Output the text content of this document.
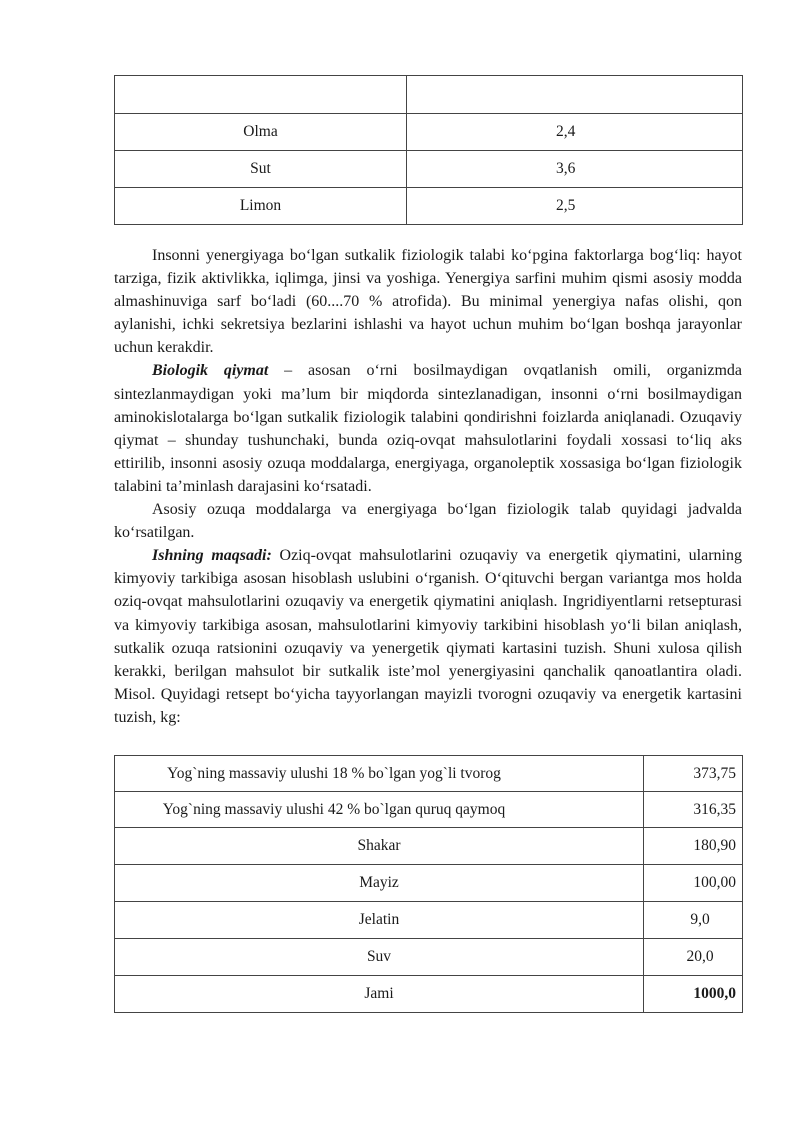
Olma	2,4
Sut	3,6
Limon	2,5

Insonni yenergiyaga bo‘lgan sutkalik fiziologik talabi ko‘pgina faktorlarga bog‘liq: hayot tarziga, fizik aktivlikka, iqlimga, jinsi va yoshiga. Yenergiya sarfini muhim qismi asosiy modda almashinuviga sarf bo‘ladi (60....70 % atrofida). Bu minimal yenergiya nafas olishi, qon aylanishi, ichki sekretsiya bezlarini ishlashi va hayot uchun muhim bo‘lgan boshqa jarayonlar uchun kerakdir.

Biologik qiymat – asosan o‘rni bosilmaydigan ovqatlanish omili, organizmda sintezlanmaydigan yoki ma’lum bir miqdorda sintezlanadigan, insonni o‘rni bosilmaydigan aminokislotalarga bo‘lgan sutkalik fiziologik talabini qondirishni foizlarda aniqlanadi. Ozuqaviy qiymat – shunday tushunchaki, bunda oziq-ovqat mahsulotlarini foydali xossasi to‘liq aks ettirilib, insonni asosiy ozuqa moddalarga, energiyaga, organoleptik xossasiga bo‘lgan fiziologik talabini ta’minlash darajasini ko‘rsatadi.

Asosiy ozuqa moddalarga va energiyaga bo‘lgan fiziologik talab quyidagi jadvalda ko‘rsatilgan.

Ishning maqsadi: Oziq-ovqat mahsulotlarini ozuqaviy va energetik qiymatini, ularning kimyoviy tarkibiga asosan hisoblash uslubini o‘rganish. O‘qituvchi bergan variantga mos holda oziq-ovqat mahsulotlarini ozuqaviy va energetik qiymatini aniqlash. Ingridiyentlarni retsepturasi va kimyoviy tarkibiga asosan, mahsulotlarini kimyoviy tarkibini hisoblash yo‘li bilan aniqlash, sutkalik ozuqa ratsionini ozuqaviy va yenergetik qiymati kartasini tuzish. Shuni xulosa qilish kerakki, berilgan mahsulot bir sutkalik iste’mol yenergiyasini qanchalik qanoatlantira oladi. Misol. Quyidagi retsept bo‘yicha tayyorlangan mayizli tvorogni ozuqaviy va energetik kartasini tuzish, kg:

Yog`ning massaviy ulushi 18 % bo`lgan yog`li tvorog	373,75
Yog`ning massaviy ulushi 42 % bo`lgan quruq qaymoq	316,35
Shakar	180,90
Mayiz	100,00
Jelatin	9,0
Suv	20,0
Jami	1000,0
